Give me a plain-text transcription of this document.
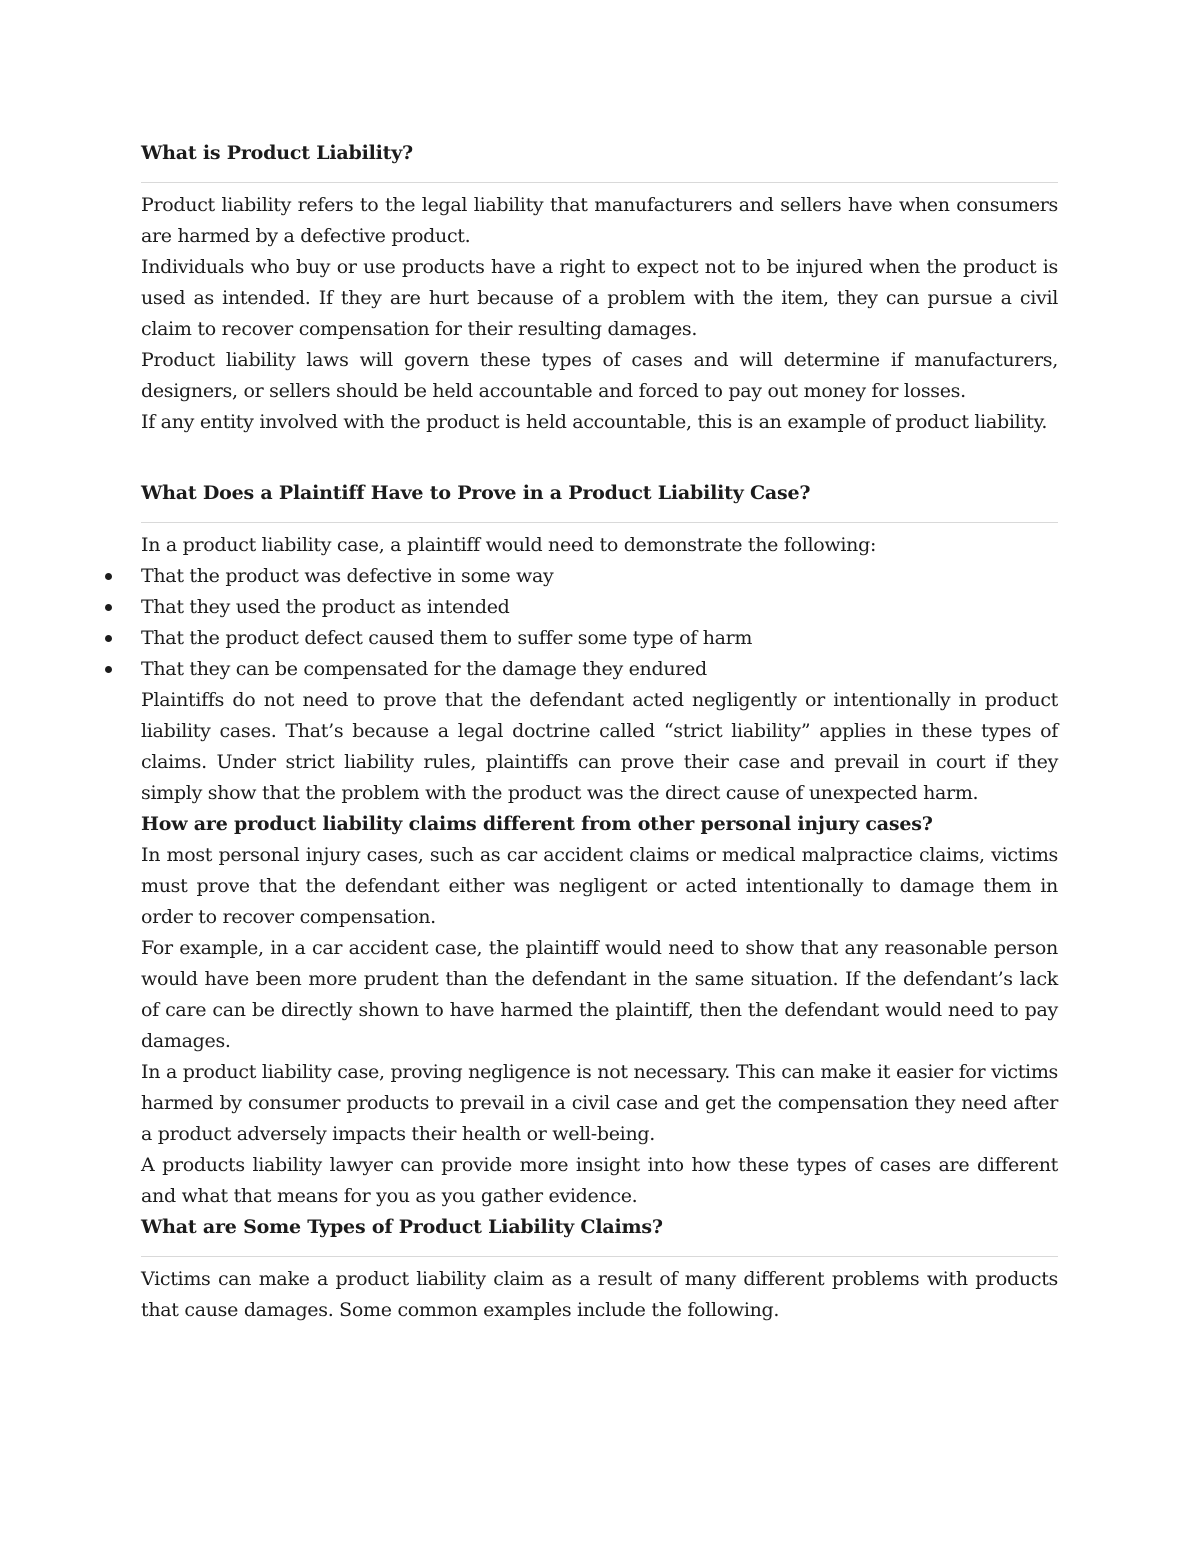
What is Product Liability?

Product liability refers to the legal liability that manufacturers and sellers have when consumers are harmed by a defective product.

Individuals who buy or use products have a right to expect not to be injured when the product is used as intended. If they are hurt because of a problem with the item, they can pursue a civil claim to recover compensation for their resulting damages.

Product liability laws will govern these types of cases and will determine if manufacturers, designers, or sellers should be held accountable and forced to pay out money for losses.

If any entity involved with the product is held accountable, this is an example of product liability.

What Does a Plaintiff Have to Prove in a Product Liability Case?

In a product liability case, a plaintiff would need to demonstrate the following:

That the product was defective in some way
That they used the product as intended
That the product defect caused them to suffer some type of harm
That they can be compensated for the damage they endured

Plaintiffs do not need to prove that the defendant acted negligently or intentionally in product liability cases. That’s because a legal doctrine called “strict liability” applies in these types of claims. Under strict liability rules, plaintiffs can prove their case and prevail in court if they simply show that the problem with the product was the direct cause of unexpected harm.

How are product liability claims different from other personal injury cases?

In most personal injury cases, such as car accident claims or medical malpractice claims, victims must prove that the defendant either was negligent or acted intentionally to damage them in order to recover compensation.

For example, in a car accident case, the plaintiff would need to show that any reasonable person would have been more prudent than the defendant in the same situation. If the defendant’s lack of care can be directly shown to have harmed the plaintiff, then the defendant would need to pay damages.

In a product liability case, proving negligence is not necessary. This can make it easier for victims harmed by consumer products to prevail in a civil case and get the compensation they need after a product adversely impacts their health or well-being.

A products liability lawyer can provide more insight into how these types of cases are different and what that means for you as you gather evidence.

What are Some Types of Product Liability Claims?

Victims can make a product liability claim as a result of many different problems with products that cause damages. Some common examples include the following.
